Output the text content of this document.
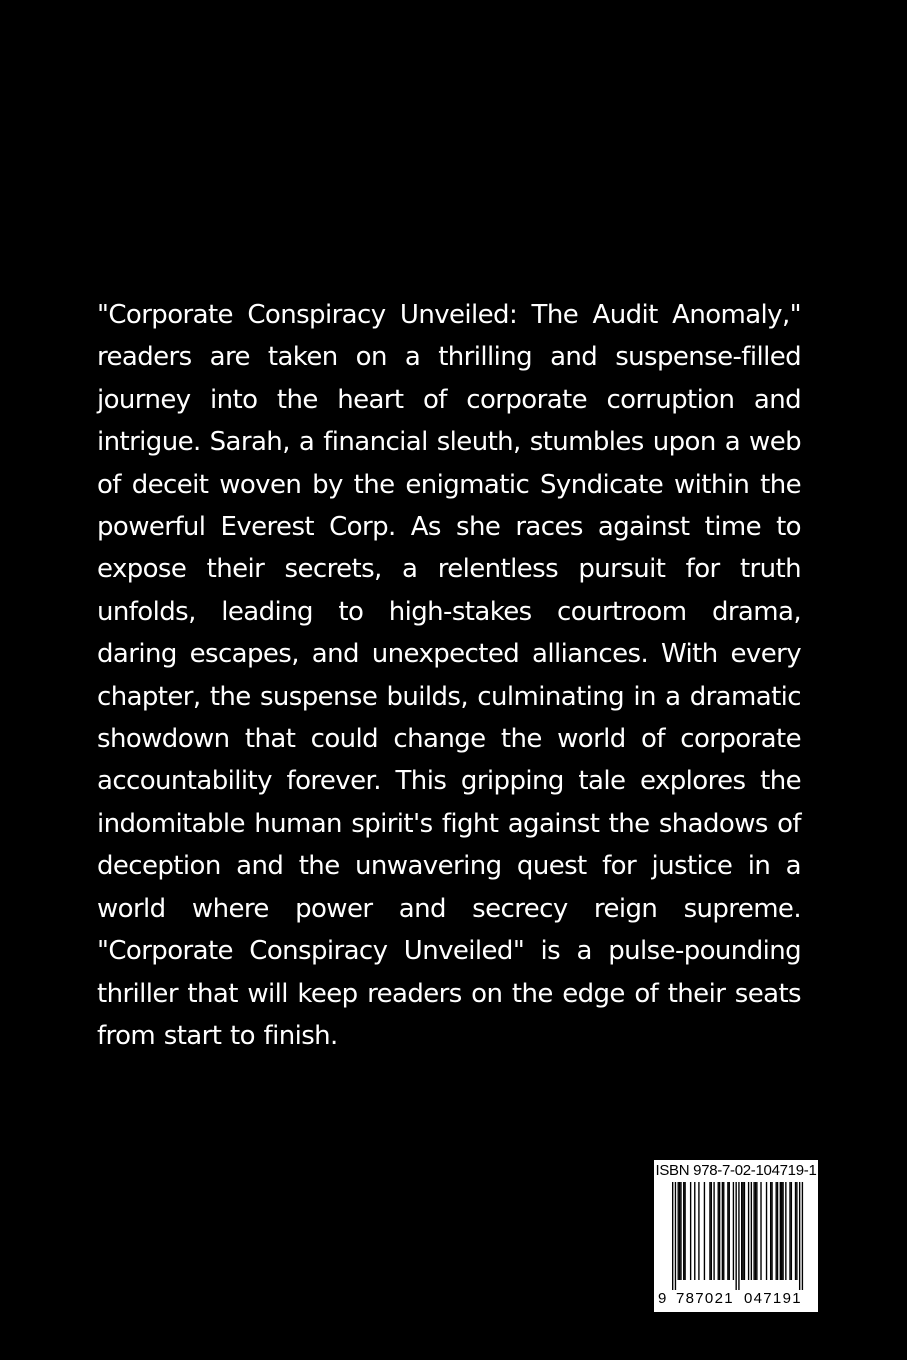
"Corporate Conspiracy Unveiled: The Audit Anomaly," readers are taken on a thrilling and suspense-filled journey into the heart of corporate corruption and intrigue. Sarah, a financial sleuth, stumbles upon a web of deceit woven by the enigmatic Syndicate within the powerful Everest Corp. As she races against time to expose their secrets, a relentless pursuit for truth unfolds, leading to high-stakes courtroom drama, daring escapes, and unexpected alliances. With every chapter, the suspense builds, culminating in a dramatic showdown that could change the world of corporate accountability forever. This gripping tale explores the indomitable human spirit's fight against the shadows of deception and the unwavering quest for justice in a world where power and secrecy reign supreme. "Corporate Conspiracy Unveiled" is a pulse-pounding thriller that will keep readers on the edge of their seats from start to finish.
ISBN 978-7-02-104719-1
9 787021 047191
